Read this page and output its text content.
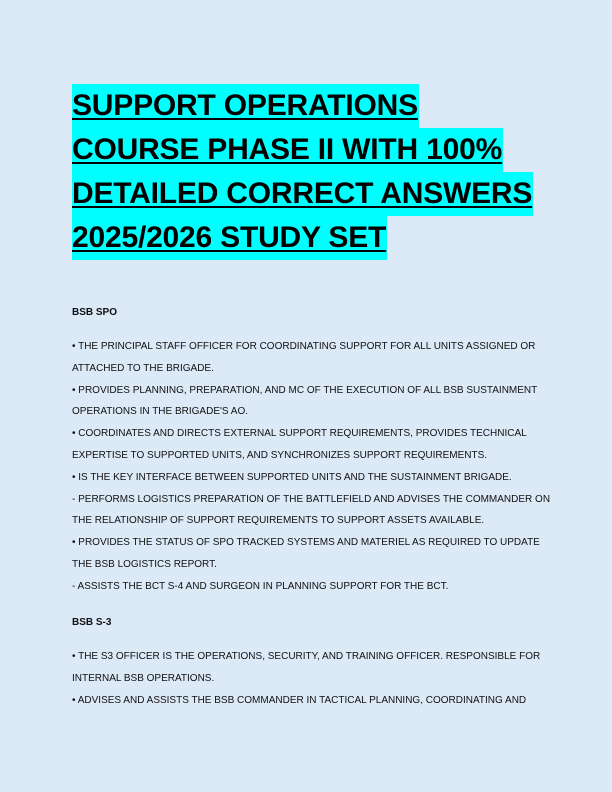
SUPPORT OPERATIONS
COURSE PHASE II WITH 100%
DETAILED CORRECT ANSWERS
2025/2026 STUDY SET
BSB SPO
• THE PRINCIPAL STAFF OFFICER FOR COORDINATING SUPPORT FOR ALL UNITS ASSIGNED OR
ATTACHED TO THE BRIGADE.
• PROVIDES PLANNING, PREPARATION, AND MC OF THE EXECUTION OF ALL BSB SUSTAINMENT
OPERATIONS IN THE BRIGADE'S AO.
• COORDINATES AND DIRECTS EXTERNAL SUPPORT REQUIREMENTS, PROVIDES TECHNICAL
EXPERTISE TO SUPPORTED UNITS, AND SYNCHRONIZES SUPPORT REQUIREMENTS.
• IS THE KEY INTERFACE BETWEEN SUPPORTED UNITS AND THE SUSTAINMENT BRIGADE.
- PERFORMS LOGISTICS PREPARATION OF THE BATTLEFIELD AND ADVISES THE COMMANDER ON
THE RELATIONSHIP OF SUPPORT REQUIREMENTS TO SUPPORT ASSETS AVAILABLE.
• PROVIDES THE STATUS OF SPO TRACKED SYSTEMS AND MATERIEL AS REQUIRED TO UPDATE
THE BSB LOGISTICS REPORT.
- ASSISTS THE BCT S-4 AND SURGEON IN PLANNING SUPPORT FOR THE BCT.
BSB S-3
• THE S3 OFFICER IS THE OPERATIONS, SECURITY, AND TRAINING OFFICER. RESPONSIBLE FOR
INTERNAL BSB OPERATIONS.
• ADVISES AND ASSISTS THE BSB COMMANDER IN TACTICAL PLANNING, COORDINATING AND
